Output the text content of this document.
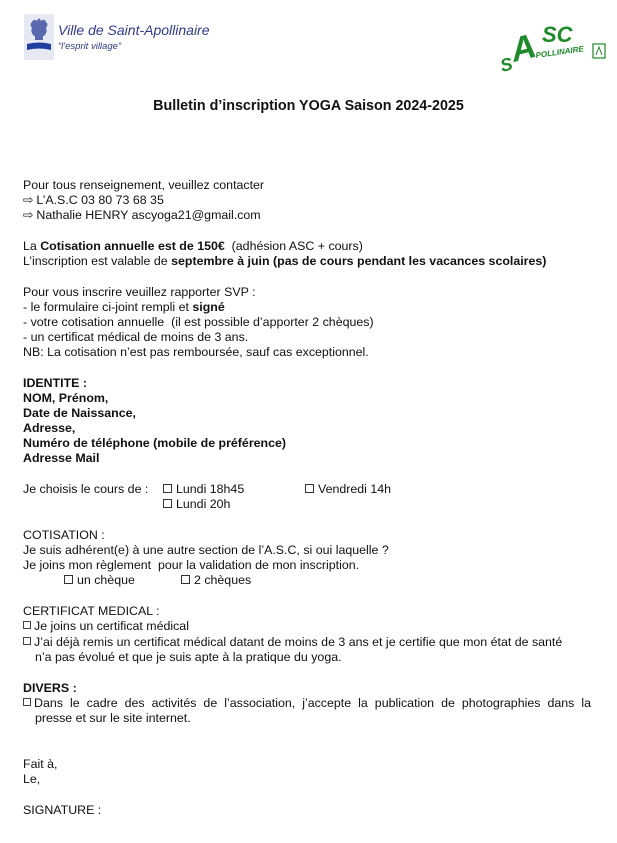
Ville de Saint-Apollinaire
“l'esprit village”
S
A SC
POLLINAIRE
Bulletin d’inscription YOGA Saison 2024-2025
Pour tous renseignement, veuillez contacter
⇨ L’A.S.C 03 80 73 68 35
⇨ Nathalie HENRY ascyoga21@gmail.com
La Cotisation annuelle est de 150€  (adhésion ASC + cours)
L’inscription est valable de septembre à juin (pas de cours pendant les vacances scolaires)
Pour vous inscrire veuillez rapporter SVP :
- le formulaire ci-joint rempli et signé
- votre cotisation annuelle  (il est possible d’apporter 2 chèques)
- un certificat médical de moins de 3 ans.
NB: La cotisation n’est pas remboursée, sauf cas exceptionnel.
IDENTITE :
NOM, Prénom,
Date de Naissance,
Adresse,
Numéro de téléphone (mobile de préférence)
Adresse Mail
Je choisis le cours de :	Lundi 18h45	Vendredi 14h
Lundi 20h
COTISATION :
Je suis adhérent(e) à une autre section de l’A.S.C, si oui laquelle ?
Je joins mon règlement  pour la validation de mon inscription.
un chèque	2 chèques
CERTIFICAT MEDICAL :
Je joins un certificat médical
J’ai déjà remis un certificat médical datant de moins de 3 ans et je certifie que mon état de santé
n’a pas évolué et que je suis apte à la pratique du yoga.
DIVERS :
Dans le cadre des activités de l’association, j’accepte la publication de photographies dans la
presse et sur le site internet.
Fait à,
Le,
SIGNATURE :
